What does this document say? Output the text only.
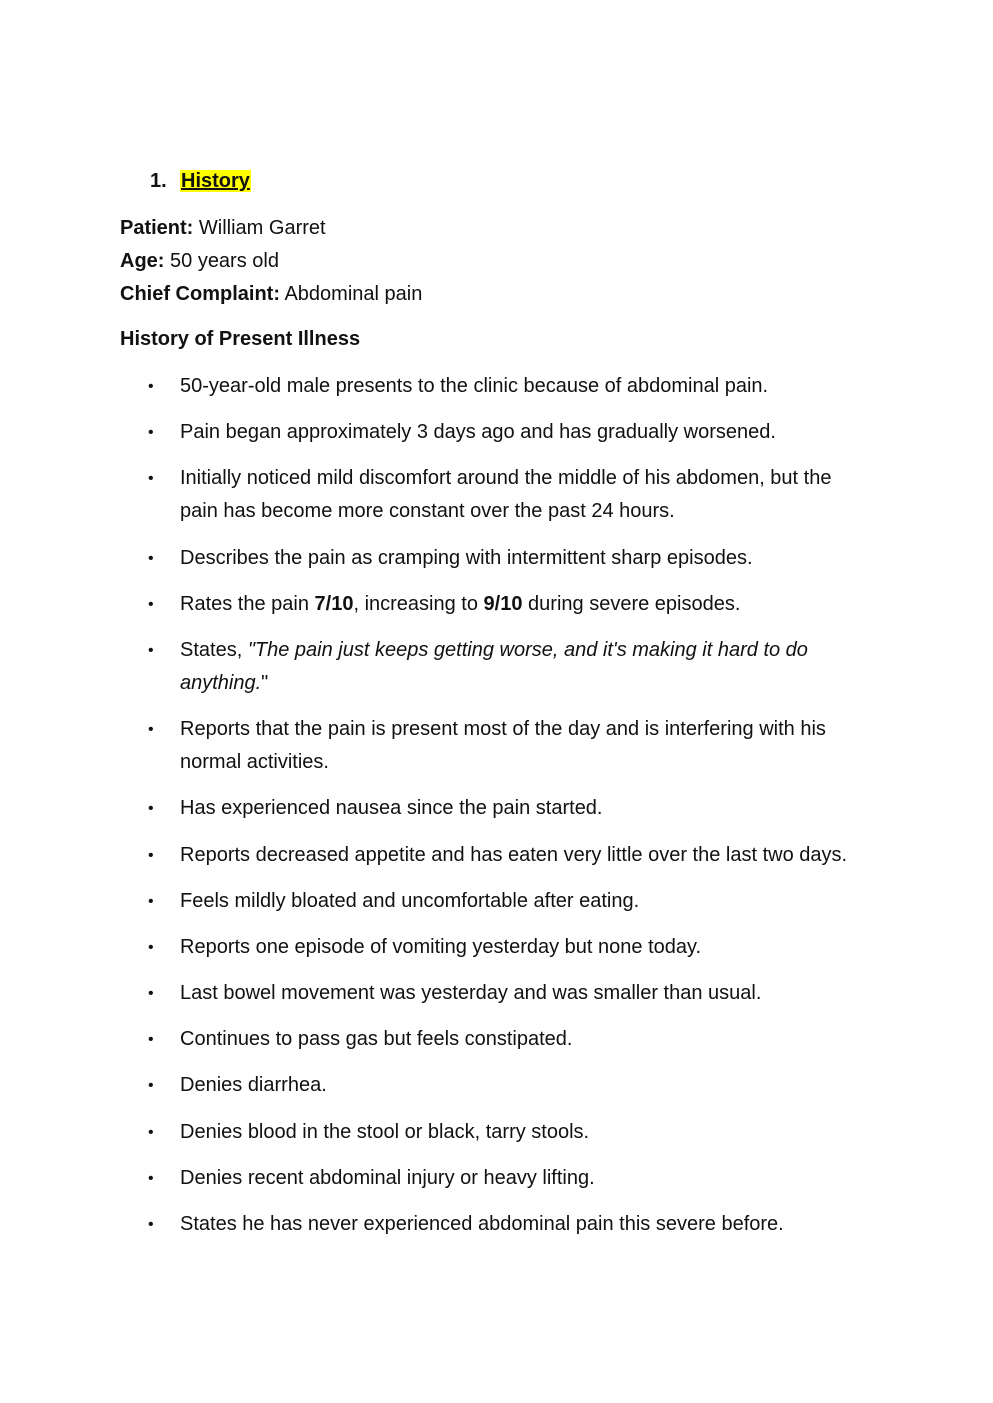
1. History
Patient: William Garret
Age: 50 years old
Chief Complaint: Abdominal pain
History of Present Illness
• 50-year-old male presents to the clinic because of abdominal pain.
• Pain began approximately 3 days ago and has gradually worsened.
• Initially noticed mild discomfort around the middle of his abdomen, but the pain has become more constant over the past 24 hours.
• Describes the pain as cramping with intermittent sharp episodes.
• Rates the pain 7/10, increasing to 9/10 during severe episodes.
• States, "The pain just keeps getting worse, and it's making it hard to do anything."
• Reports that the pain is present most of the day and is interfering with his normal activities.
• Has experienced nausea since the pain started.
• Reports decreased appetite and has eaten very little over the last two days.
• Feels mildly bloated and uncomfortable after eating.
• Reports one episode of vomiting yesterday but none today.
• Last bowel movement was yesterday and was smaller than usual.
• Continues to pass gas but feels constipated.
• Denies diarrhea.
• Denies blood in the stool or black, tarry stools.
• Denies recent abdominal injury or heavy lifting.
• States he has never experienced abdominal pain this severe before.
